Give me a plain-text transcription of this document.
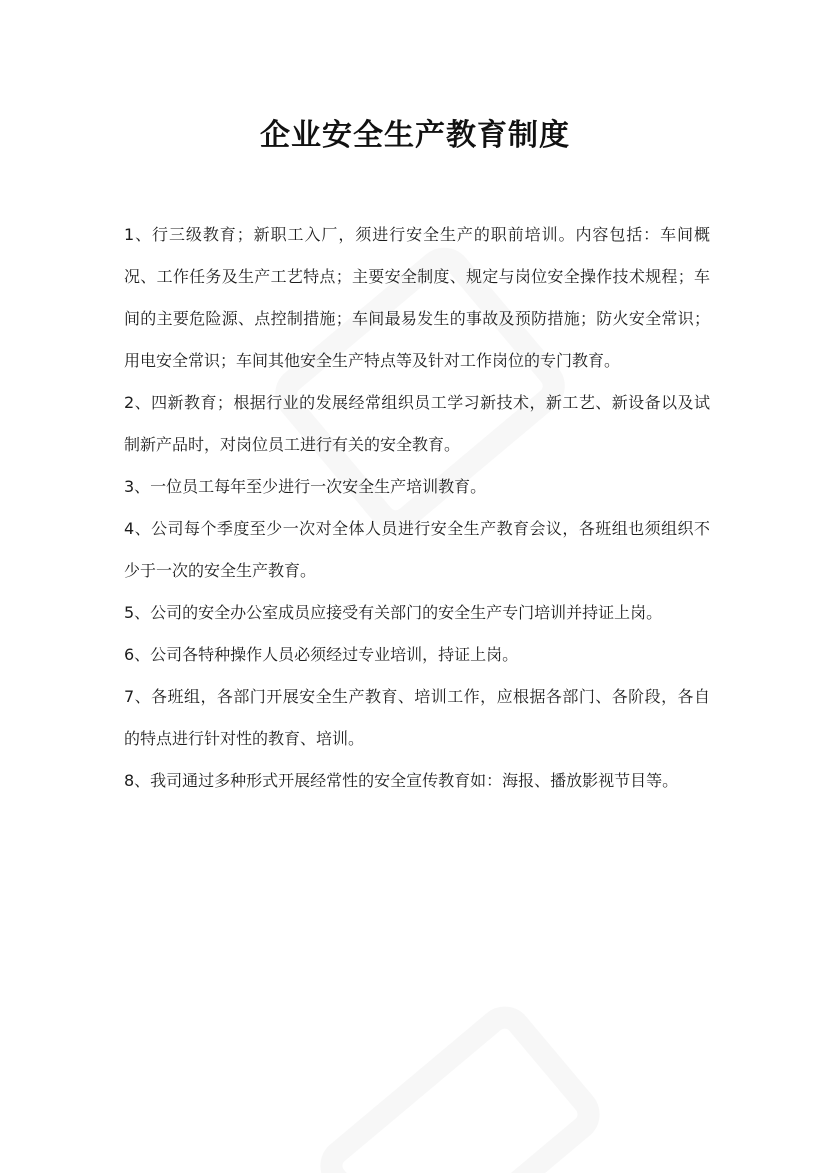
企业安全生产教育制度

1、行三级教育；新职工入厂，须进行安全生产的职前培训。内容包括：车间概况、工作任务及生产工艺特点；主要安全制度、规定与岗位安全操作技术规程；车间的主要危险源、点控制措施；车间最易发生的事故及预防措施；防火安全常识；用电安全常识；车间其他安全生产特点等及针对工作岗位的专门教育。

2、四新教育；根据行业的发展经常组织员工学习新技术，新工艺、新设备以及试制新产品时，对岗位员工进行有关的安全教育。

3、一位员工每年至少进行一次安全生产培训教育。

4、公司每个季度至少一次对全体人员进行安全生产教育会议，各班组也须组织不少于一次的安全生产教育。

5、公司的安全办公室成员应接受有关部门的安全生产专门培训并持证上岗。

6、公司各特种操作人员必须经过专业培训，持证上岗。

7、各班组，各部门开展安全生产教育、培训工作，应根据各部门、各阶段，各自的特点进行针对性的教育、培训。

8、我司通过多种形式开展经常性的安全宣传教育如：海报、播放影视节目等。
